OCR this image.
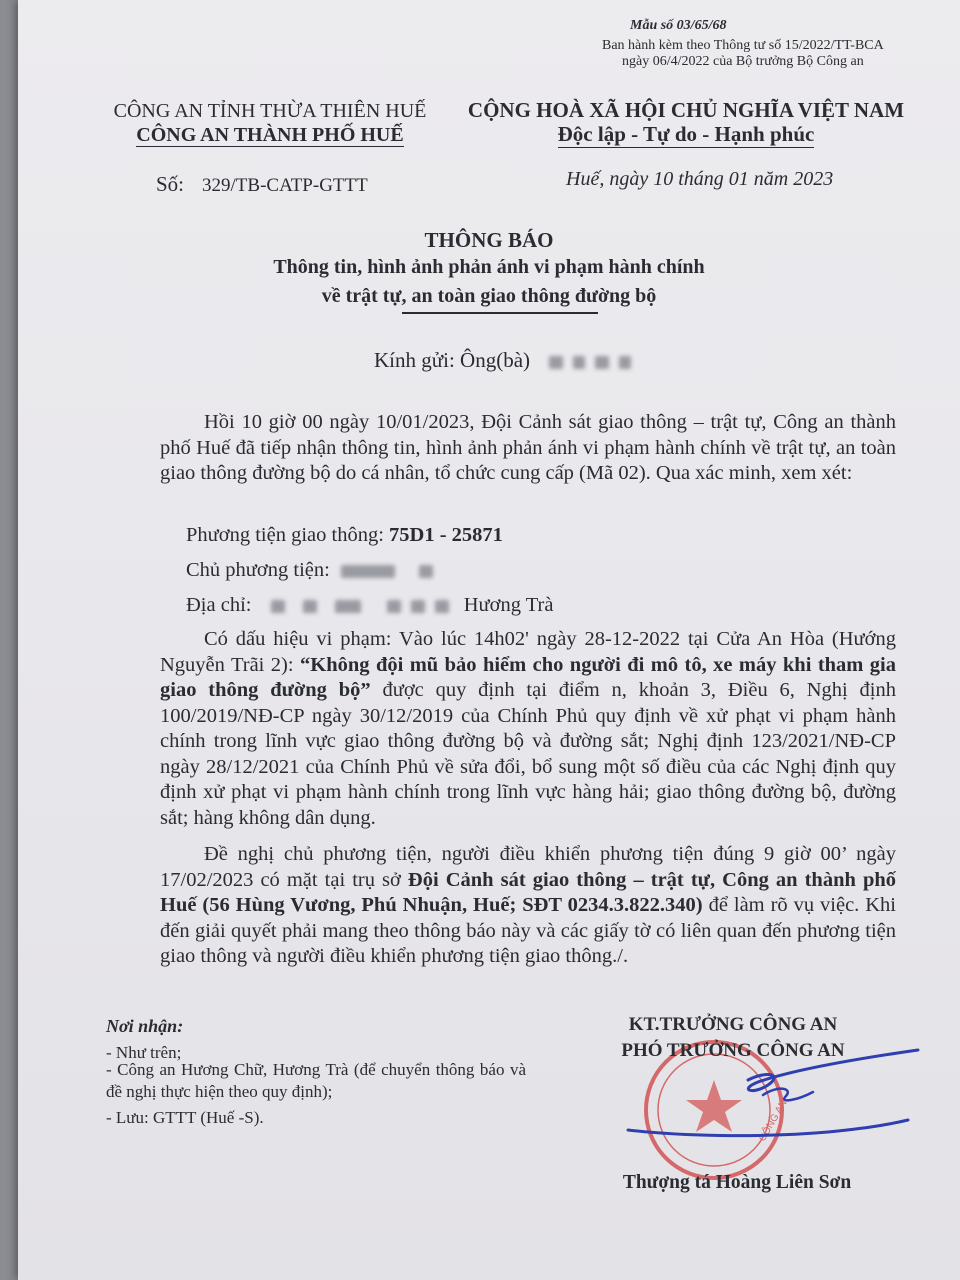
Mẫu số 03/65/68
Ban hành kèm theo Thông tư số 15/2022/TT-BCA
ngày 06/4/2022 của Bộ trưởng Bộ Công an
CÔNG AN TỈNH THỪA THIÊN HUẾ
CÔNG AN THÀNH PHỐ HUẾ
CỘNG HOÀ XÃ HỘI CHỦ NGHĨA VIỆT NAM
Độc lập - Tự do - Hạnh phúc
Số: 329/TB-CATP-GTTT	Huế, ngày 10 tháng 01 năm 2023
THÔNG BÁO
Thông tin, hình ảnh phản ánh vi phạm hành chính
về trật tự, an toàn giao thông đường bộ
Kính gửi: Ông(bà)
Hồi 10 giờ 00 ngày 10/01/2023, Đội Cảnh sát giao thông – trật tự, Công an thành phố Huế đã tiếp nhận thông tin, hình ảnh phản ánh vi phạm hành chính về trật tự, an toàn giao thông đường bộ do cá nhân, tổ chức cung cấp (Mã 02). Qua xác minh, xem xét:
Phương tiện giao thông: 75D1 - 25871
Chủ phương tiện:
Địa chỉ:	Hương Trà
Có dấu hiệu vi phạm: Vào lúc 14h02' ngày 28-12-2022 tại Cửa An Hòa (Hướng Nguyễn Trãi 2): “Không đội mũ bảo hiểm cho người đi mô tô, xe máy khi tham gia giao thông đường bộ” được quy định tại điểm n, khoản 3, Điều 6, Nghị định 100/2019/NĐ-CP ngày 30/12/2019 của Chính Phủ quy định về xử phạt vi phạm hành chính trong lĩnh vực giao thông đường bộ và đường sắt; Nghị định 123/2021/NĐ-CP ngày 28/12/2021 của Chính Phủ về sửa đổi, bổ sung một số điều của các Nghị định quy định xử phạt vi phạm hành chính trong lĩnh vực hàng hải; giao thông đường bộ, đường sắt; hàng không dân dụng.
Đề nghị chủ phương tiện, người điều khiển phương tiện đúng 9 giờ 00’ ngày 17/02/2023 có mặt tại trụ sở Đội Cảnh sát giao thông – trật tự, Công an thành phố Huế (56 Hùng Vương, Phú Nhuận, Huế; SĐT 0234.3.822.340) để làm rõ vụ việc. Khi đến giải quyết phải mang theo thông báo này và các giấy tờ có liên quan đến phương tiện giao thông và người điều khiển phương tiện giao thông./.
Nơi nhận:
- Như trên;
- Công an Hương Chữ, Hương Trà (để chuyển thông báo và đề nghị thực hiện theo quy định);
- Lưu: GTTT (Huế -S).	CÔNG AN
KT.TRƯỞNG CÔNG AN
PHÓ TRƯỞNG CÔNG AN
Thượng tá Hoàng Liên Sơn
